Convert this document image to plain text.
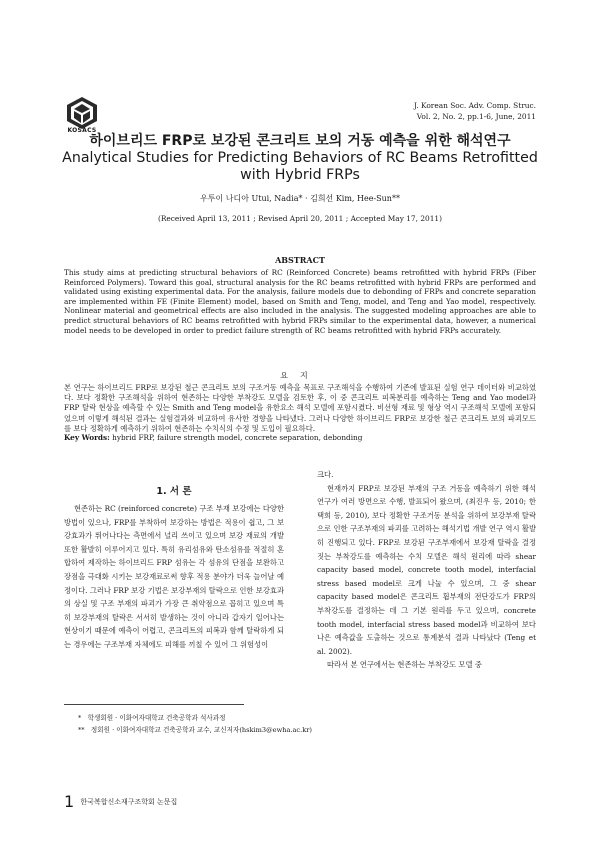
KOSACS
J. Korean Soc. Adv. Comp. Struc.
Vol. 2, No. 2, pp.1-6, June, 2011
하이브리드 FRP로 보강된 콘크리트 보의 거동 예측을 위한 해석연구
Analytical Studies for Predicting Behaviors of RC Beams Retrofitted with Hybrid FRPs
우투이 나디아 Utui, Nadia* · 김희선 Kim, Hee-Sun**
(Received April 13, 2011 ; Revised April 20, 2011 ; Accepted May 17, 2011)
ABSTRACT
This study aims at predicting structural behaviors of RC (Reinforced Concrete) beams retrofitted with hybrid FRPs (Fiber Reinforced Polymers). Toward this goal, structural analysis for the RC beams retrofitted with hybrid FRPs are performed and validated using existing experimental data. For the analysis, failure models due to debonding of FRPs and concrete separation are implemented within FE (Finite Element) model, based on Smith and Teng, model, and Teng and Yao model, respectively. Nonlinear material and geometrical effects are also included in the analysis. The suggested modeling approaches are able to predict structural behaviors of RC beams retrofitted with hybrid FRPs similar to the experimental data, however, a numerical model needs to be developed in order to predict failure strength of RC beams retrofitted with hybrid FRPs accurately.
요지
본 연구는 하이브리드 FRP로 보강된 철근 콘크리트 보의 구조거동 예측을 목표로 구조해석을 수행하여 기존에 발표된 실험 연구 데이터와 비교하였다. 보다 정확한 구조해석을 위하여 현존하는 다양한 부착강도 모델을 검토한 후, 이 중 콘크리트 피복분리를 예측하는 Teng and Yao model과 FRP 탈락 현상을 예측할 수 있는 Smith and Teng model을 유한요소 해석 모델에 포함시켰다. 비선형 재료 및 형상 역시 구조해석 모델에 포함되었으며 이렇게 해석된 결과는 실험결과와 비교하여 유사한 경향을 나타냈다. 그러나 다양한 하이브리드 FRP로 보강한 철근 콘크리트 보의 파괴모드를 보다 정확하게 예측하기 위하여 현존하는 수치식의 수정 및 도입이 필요하다.
Key Words: hybrid FRP, failure strength model, concrete separation, debonding
1. 서 론

현존하는 RC (reinforced concrete) 구조 부재 보강에는 다양한 방법이 있으나, FRP를 부착하여 보강하는 방법은 적용이 쉽고, 그 보강효과가 뛰어나다는 측면에서 널리 쓰이고 있으며 보강 재료의 개발 또한 활발히 이루어지고 있다. 특히 유리섬유와 탄소섬유를 적절히 혼합하여 제작하는 하이브리드 FRP 섬유는 각 섬유의 단점을 보완하고 장점을 극대화 시키는 보강재료로써 향후 적용 분야가 더욱 늘어날 예정이다. 그러나 FRP 보강 기법은 보강부재의 탈락으로 인한 보강효과의 상실 및 구조 부재의 파괴가 가장 큰 취약점으로 꼽히고 있으며 특히 보강부재의 탈락은 서서히 발생하는 것이 아니라 갑자기 일어나는 현상이기 때문에 예측이 어렵고, 콘크리트의 피복과 함께 탈락하게 되는 경우에는 구조부재 자체에도 피해를 끼칠 수 있어 그 위험성이

크다.

현재까지 FRP로 보강된 부재의 구조 거동을 예측하기 위한 해석 연구가 여러 방면으로 수행, 발표되어 왔으며, (최진우 등, 2010; 한택희 등, 2010), 보다 정확한 구조거동 분석을 위하여 보강부재 탈락으로 인한 구조부재의 파괴를 고려하는 해석기법 개발 연구 역시 활발히 진행되고 있다. FRP로 보강된 구조부재에서 보강재 탈락을 결정짓는 부착강도를 예측하는 수치 모델은 해석 원리에 따라 shear capacity based model, concrete tooth model, interfacial stress based model로 크게 나눌 수 있으며, 그 중 shear capacity based model은 콘크리트 휨부재의 전단강도가 FRP의 부착강도를 결정하는 데 그 기본 원리를 두고 있으며, concrete tooth model, interfacial stress based model과 비교하여 보다 나은 예측값을 도출하는 것으로 통계분석 결과 나타났다 (Teng et al. 2002).

따라서 본 연구에서는 현존하는 부착강도 모델 중

* 학생회원 · 이화여자대학교 건축공학과 석사과정
** 정회원 · 이화여자대학교 건축공학과 교수, 교신저자(hskim3@ewha.ac.kr)
1 한국복합신소재구조학회 논문집
